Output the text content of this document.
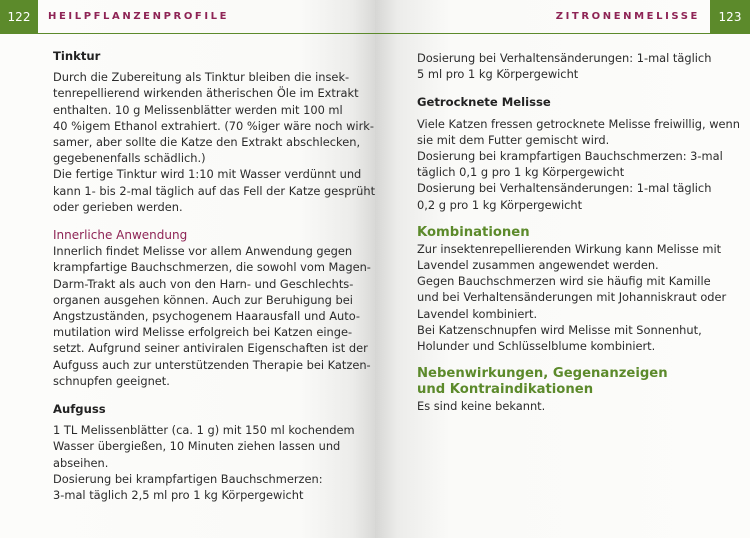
122	HEILPFLANZENPROFILE
Tinktur
Durch die Zubereitung als Tinktur bleiben die insek-
tenrepellierend wirkenden ätherischen Öle im Extrakt
enthalten. 10 g Melissenblätter werden mit 100 ml
40 %igem Ethanol extrahiert. (70 %iger wäre noch wirk-
samer, aber sollte die Katze den Extrakt abschlecken,
gegebenenfalls schädlich.)
Die fertige Tinktur wird 1:10 mit Wasser verdünnt und
kann 1- bis 2-mal täglich auf das Fell der Katze gesprüht
oder gerieben werden.
Innerliche Anwendung
Innerlich findet Melisse vor allem Anwendung gegen
krampfartige Bauchschmerzen, die sowohl vom Magen-
Darm-Trakt als auch von den Harn- und Geschlechts-
organen ausgehen können. Auch zur Beruhigung bei
Angstzuständen, psychogenem Haarausfall und Auto-
mutilation wird Melisse erfolgreich bei Katzen einge-
setzt. Aufgrund seiner antiviralen Eigenschaften ist der
Aufguss auch zur unterstützenden Therapie bei Katzen-
schnupfen geeignet.
Aufguss
1 TL Melissenblätter (ca. 1 g) mit 150 ml kochendem
Wasser übergießen, 10 Minuten ziehen lassen und
abseihen.
Dosierung bei krampfartigen Bauchschmerzen:
3-mal täglich 2,5 ml pro 1 kg Körpergewicht
ZITRONENMELISSE	123
Dosierung bei Verhaltensänderungen: 1-mal täglich
5 ml pro 1 kg Körpergewicht
Getrocknete Melisse
Viele Katzen fressen getrocknete Melisse freiwillig, wenn
sie mit dem Futter gemischt wird.
Dosierung bei krampfartigen Bauchschmerzen: 3-mal
täglich 0,1 g pro 1 kg Körpergewicht
Dosierung bei Verhaltensänderungen: 1-mal täglich
0,2 g pro 1 kg Körpergewicht
Kombinationen
Zur insektenrepellierenden Wirkung kann Melisse mit
Lavendel zusammen angewendet werden.
Gegen Bauchschmerzen wird sie häufig mit Kamille
und bei Verhaltensänderungen mit Johanniskraut oder
Lavendel kombiniert.
Bei Katzenschnupfen wird Melisse mit Sonnenhut,
Holunder und Schlüsselblume kombiniert.
Nebenwirkungen, Gegenanzeigen
und Kontraindikationen
Es sind keine bekannt.
